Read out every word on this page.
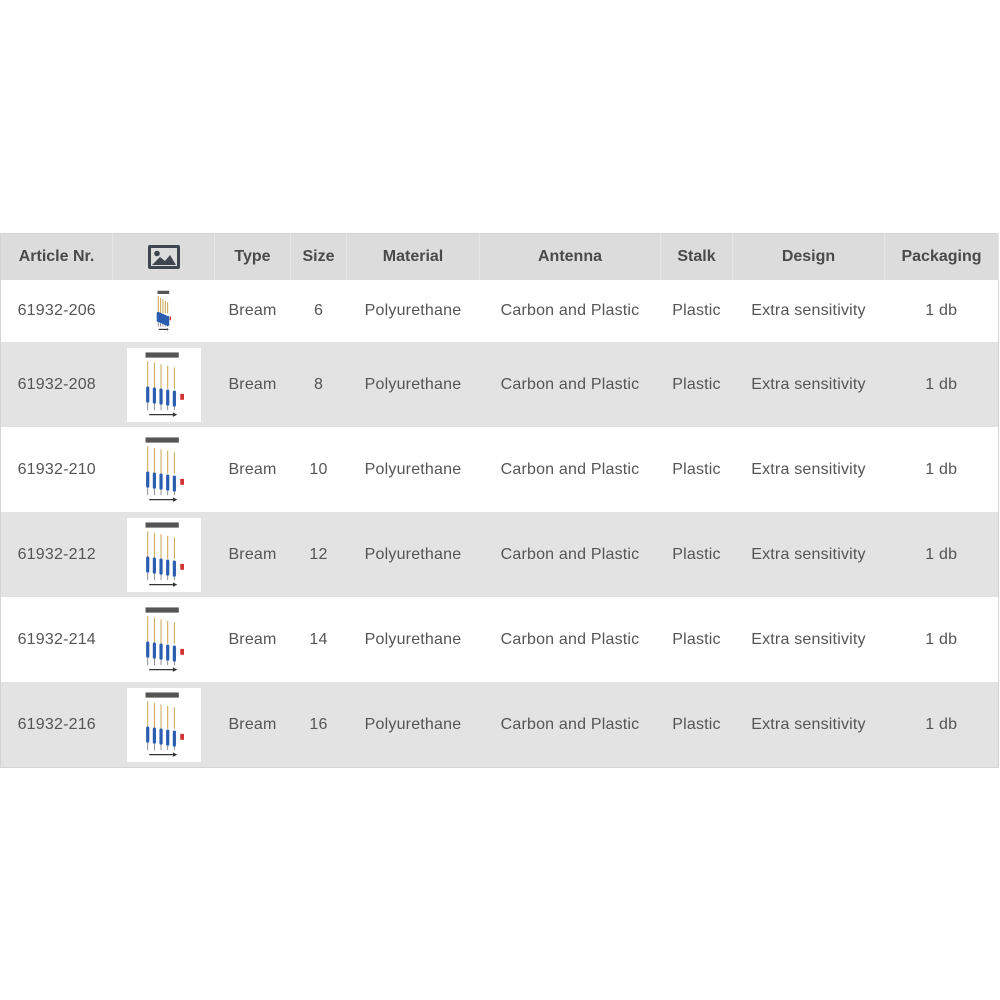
Article Nr.		Type	Size	Material	Antenna	Stalk	Design	Packaging
61932-206		Bream	6	Polyurethane	Carbon and Plastic	Plastic	Extra sensitivity	1 db
61932-208		Bream	8	Polyurethane	Carbon and Plastic	Plastic	Extra sensitivity	1 db
61932-210		Bream	10	Polyurethane	Carbon and Plastic	Plastic	Extra sensitivity	1 db
61932-212		Bream	12	Polyurethane	Carbon and Plastic	Plastic	Extra sensitivity	1 db
61932-214		Bream	14	Polyurethane	Carbon and Plastic	Plastic	Extra sensitivity	1 db
61932-216		Bream	16	Polyurethane	Carbon and Plastic	Plastic	Extra sensitivity	1 db
